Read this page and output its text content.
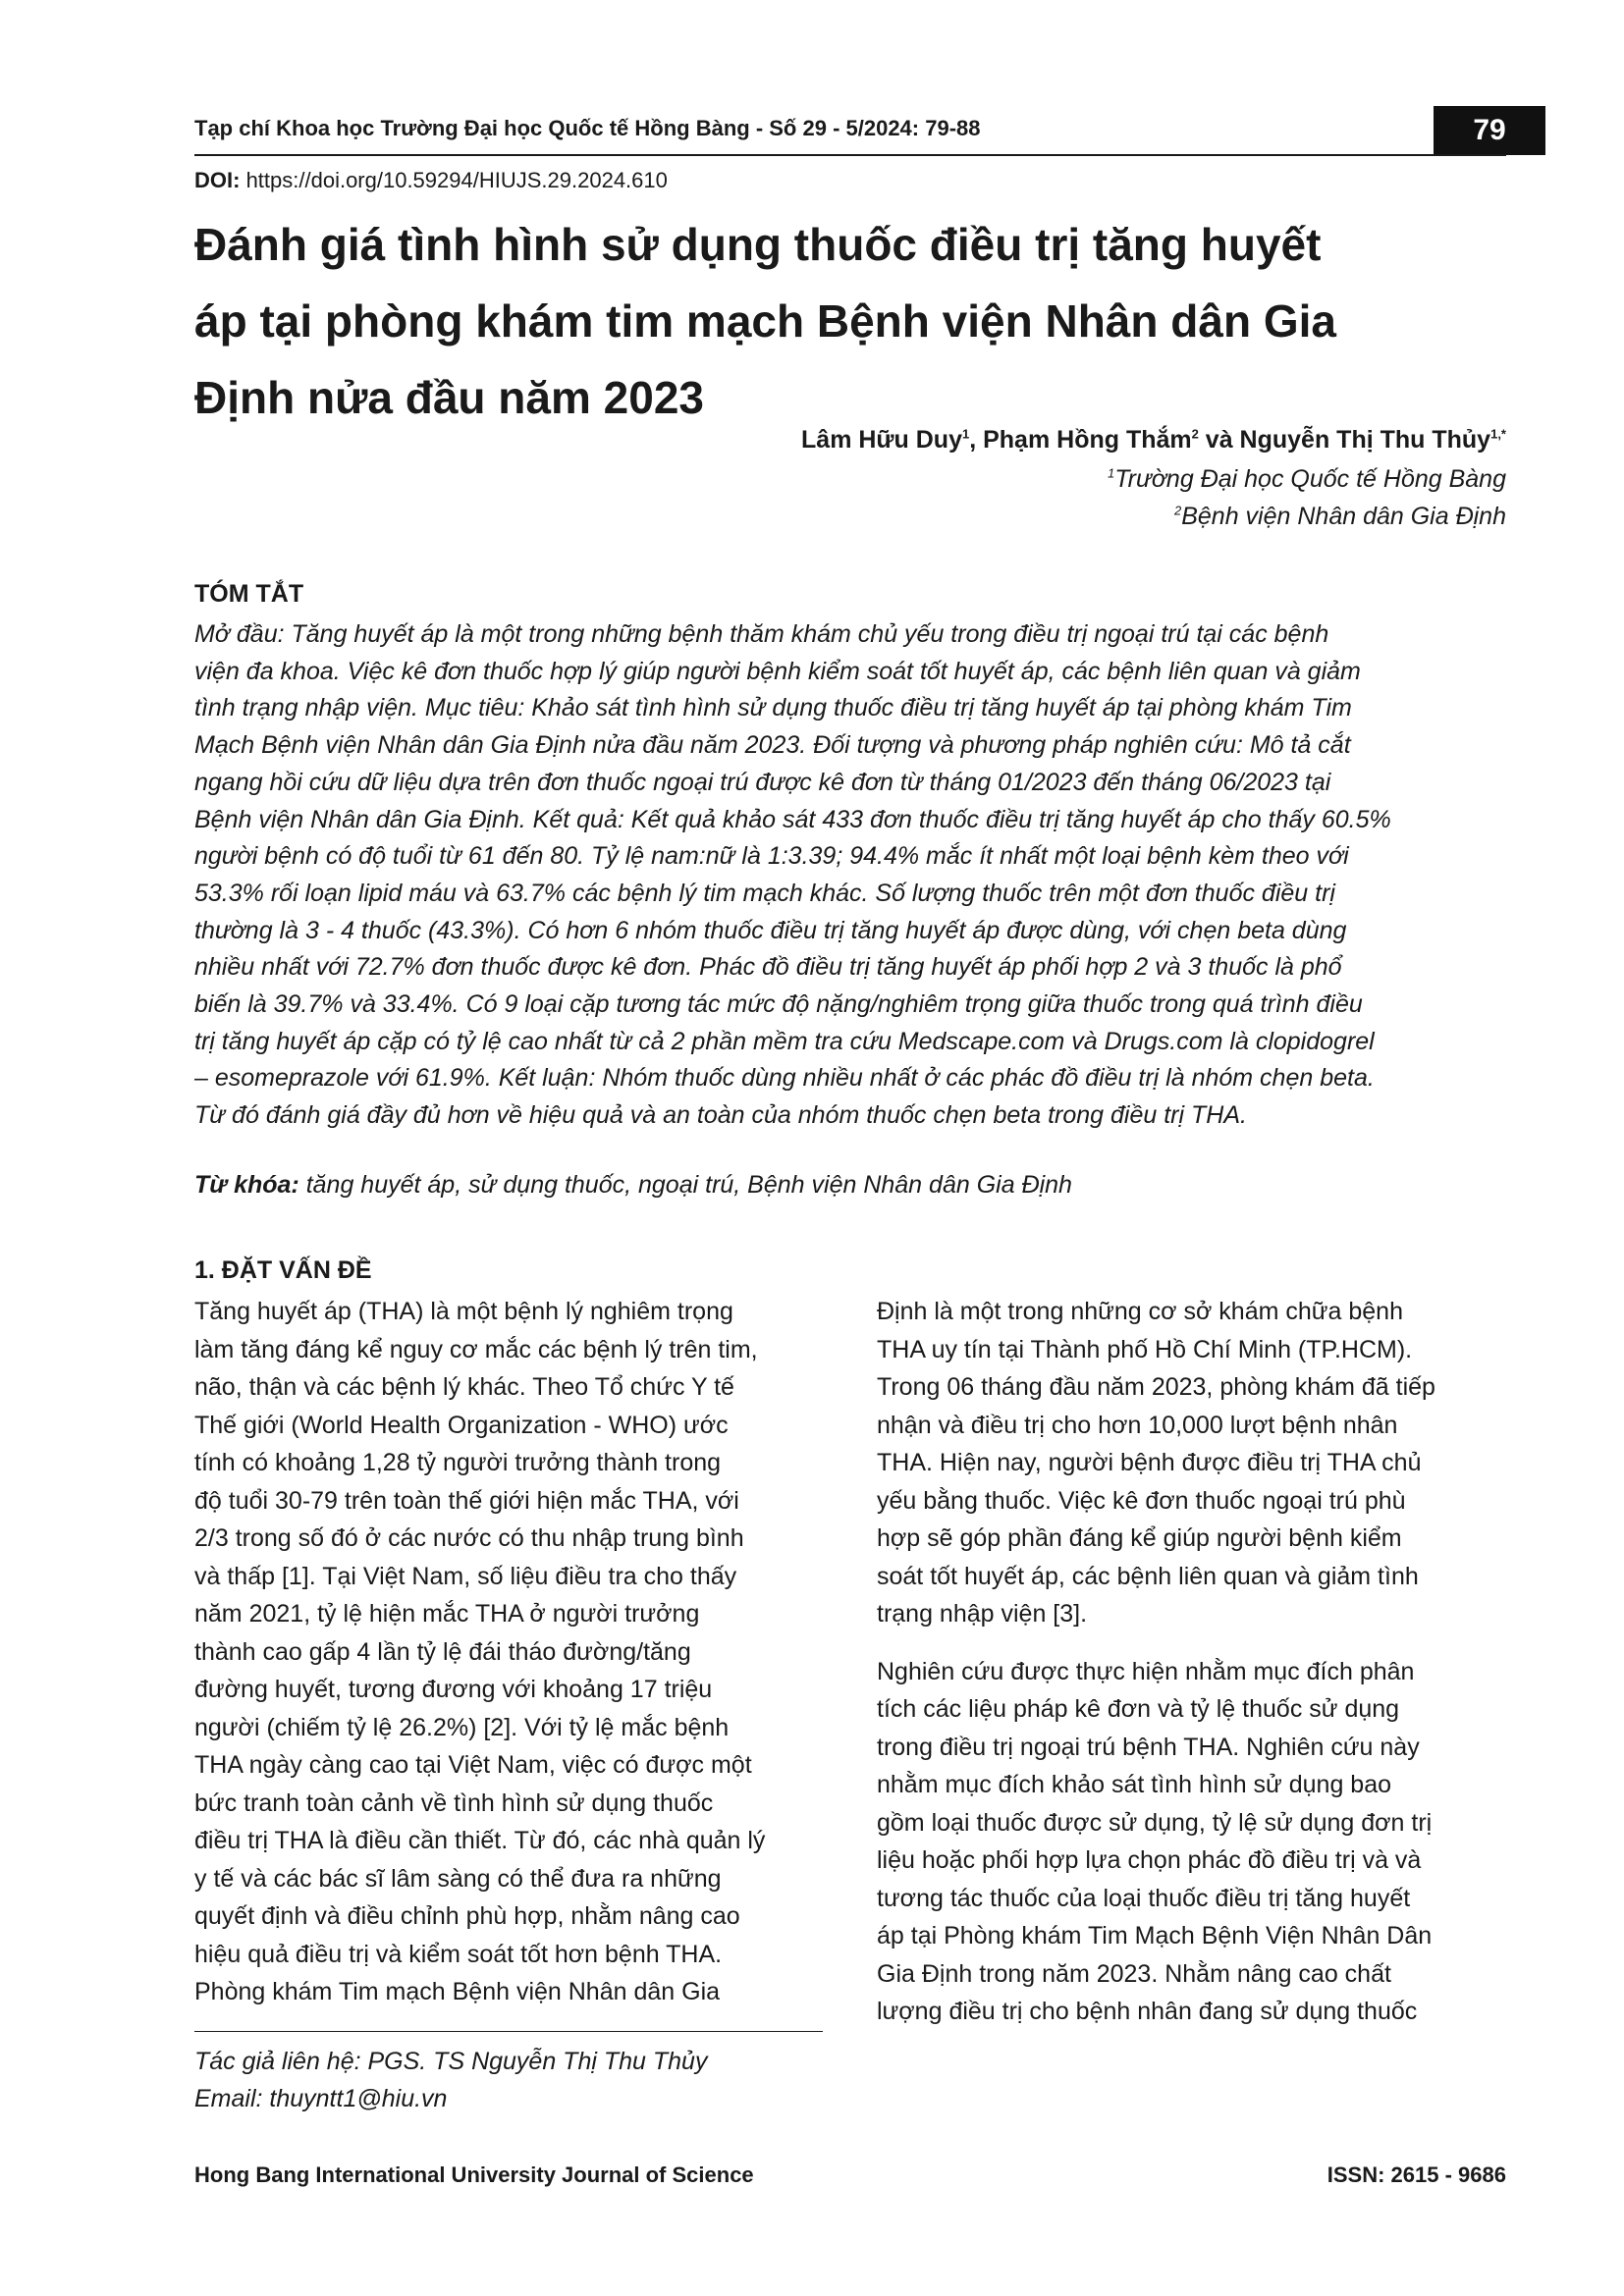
Tạp chí Khoa học Trường Đại học Quốc tế Hồng Bàng - Số 29 - 5/2024: 79-88	79
DOI: https://doi.org/10.59294/HIUJS.29.2024.610
Đánh giá tình hình sử dụng thuốc điều trị tăng huyết
áp tại phòng khám tim mạch Bệnh viện Nhân dân Gia
Định nửa đầu năm 2023
Lâm Hữu Duy$^1$, Phạm Hồng Thắm$^2$ và Nguyễn Thị Thu Thủy$^{1,*}$
$^1$Trường Đại học Quốc tế Hồng Bàng
$^2$Bệnh viện Nhân dân Gia Định
TÓM TẮT
Mở đầu: Tăng huyết áp là một trong những bệnh thăm khám chủ yếu trong điều trị ngoại trú tại các bệnh
viện đa khoa. Việc kê đơn thuốc hợp lý giúp người bệnh kiểm soát tốt huyết áp, các bệnh liên quan và giảm
tình trạng nhập viện. Mục tiêu: Khảo sát tình hình sử dụng thuốc điều trị tăng huyết áp tại phòng khám Tim
Mạch Bệnh viện Nhân dân Gia Định nửa đầu năm 2023. Đối tượng và phương pháp nghiên cứu: Mô tả cắt
ngang hồi cứu dữ liệu dựa trên đơn thuốc ngoại trú được kê đơn từ tháng 01/2023 đến tháng 06/2023 tại
Bệnh viện Nhân dân Gia Định. Kết quả: Kết quả khảo sát 433 đơn thuốc điều trị tăng huyết áp cho thấy 60.5%
người bệnh có độ tuổi từ 61 đến 80. Tỷ lệ nam:nữ là 1:3.39; 94.4% mắc ít nhất một loại bệnh kèm theo với
53.3% rối loạn lipid máu và 63.7% các bệnh lý tim mạch khác. Số lượng thuốc trên một đơn thuốc điều trị
thường là 3 - 4 thuốc (43.3%). Có hơn 6 nhóm thuốc điều trị tăng huyết áp được dùng, với chẹn beta dùng
nhiều nhất với 72.7% đơn thuốc được kê đơn. Phác đồ điều trị tăng huyết áp phối hợp 2 và 3 thuốc là phổ
biến là 39.7% và 33.4%. Có 9 loại cặp tương tác mức độ nặng/nghiêm trọng giữa thuốc trong quá trình điều
trị tăng huyết áp cặp có tỷ lệ cao nhất từ cả 2 phần mềm tra cứu Medscape.com và Drugs.com là clopidogrel
– esomeprazole với 61.9%. Kết luận: Nhóm thuốc dùng nhiều nhất ở các phác đồ điều trị là nhóm chẹn beta.
Từ đó đánh giá đầy đủ hơn về hiệu quả và an toàn của nhóm thuốc chẹn beta trong điều trị THA.
Từ khóa: tăng huyết áp, sử dụng thuốc, ngoại trú, Bệnh viện Nhân dân Gia Định
1. ĐẶT VẤN ĐỀ
Tăng huyết áp (THA) là một bệnh lý nghiêm trọng
làm tăng đáng kể nguy cơ mắc các bệnh lý trên tim,
não, thận và các bệnh lý khác. Theo Tổ chức Y tế
Thế giới (World Health Organization - WHO) ước
tính có khoảng 1,28 tỷ người trưởng thành trong
độ tuổi 30-79 trên toàn thế giới hiện mắc THA, với
2/3 trong số đó ở các nước có thu nhập trung bình
và thấp [1]. Tại Việt Nam, số liệu điều tra cho thấy
năm 2021, tỷ lệ hiện mắc THA ở người trưởng
thành cao gấp 4 lần tỷ lệ đái tháo đường/tăng
đường huyết, tương đương với khoảng 17 triệu
người (chiếm tỷ lệ 26.2%) [2]. Với tỷ lệ mắc bệnh
THA ngày càng cao tại Việt Nam, việc có được một
bức tranh toàn cảnh về tình hình sử dụng thuốc
điều trị THA là điều cần thiết. Từ đó, các nhà quản lý
y tế và các bác sĩ lâm sàng có thể đưa ra những
quyết định và điều chỉnh phù hợp, nhằm nâng cao
hiệu quả điều trị và kiểm soát tốt hơn bệnh THA.
Phòng khám Tim mạch Bệnh viện Nhân dân Gia
Định là một trong những cơ sở khám chữa bệnh
THA uy tín tại Thành phố Hồ Chí Minh (TP.HCM).
Trong 06 tháng đầu năm 2023, phòng khám đã tiếp
nhận và điều trị cho hơn 10,000 lượt bệnh nhân
THA. Hiện nay, người bệnh được điều trị THA chủ
yếu bằng thuốc. Việc kê đơn thuốc ngoại trú phù
hợp sẽ góp phần đáng kể giúp người bệnh kiểm
soát tốt huyết áp, các bệnh liên quan và giảm tình
trạng nhập viện [3].
Nghiên cứu được thực hiện nhằm mục đích phân
tích các liệu pháp kê đơn và tỷ lệ thuốc sử dụng
trong điều trị ngoại trú bệnh THA. Nghiên cứu này
nhằm mục đích khảo sát tình hình sử dụng bao
gồm loại thuốc được sử dụng, tỷ lệ sử dụng đơn trị
liệu hoặc phối hợp lựa chọn phác đồ điều trị và và
tương tác thuốc của loại thuốc điều trị tăng huyết
áp tại Phòng khám Tim Mạch Bệnh Viện Nhân Dân
Gia Định trong năm 2023. Nhằm nâng cao chất
lượng điều trị cho bệnh nhân đang sử dụng thuốc
Tác giả liên hệ: PGS. TS Nguyễn Thị Thu Thủy
Email: thuyntt1@hiu.vn
Hong Bang International University Journal of Science	ISSN: 2615 - 9686
